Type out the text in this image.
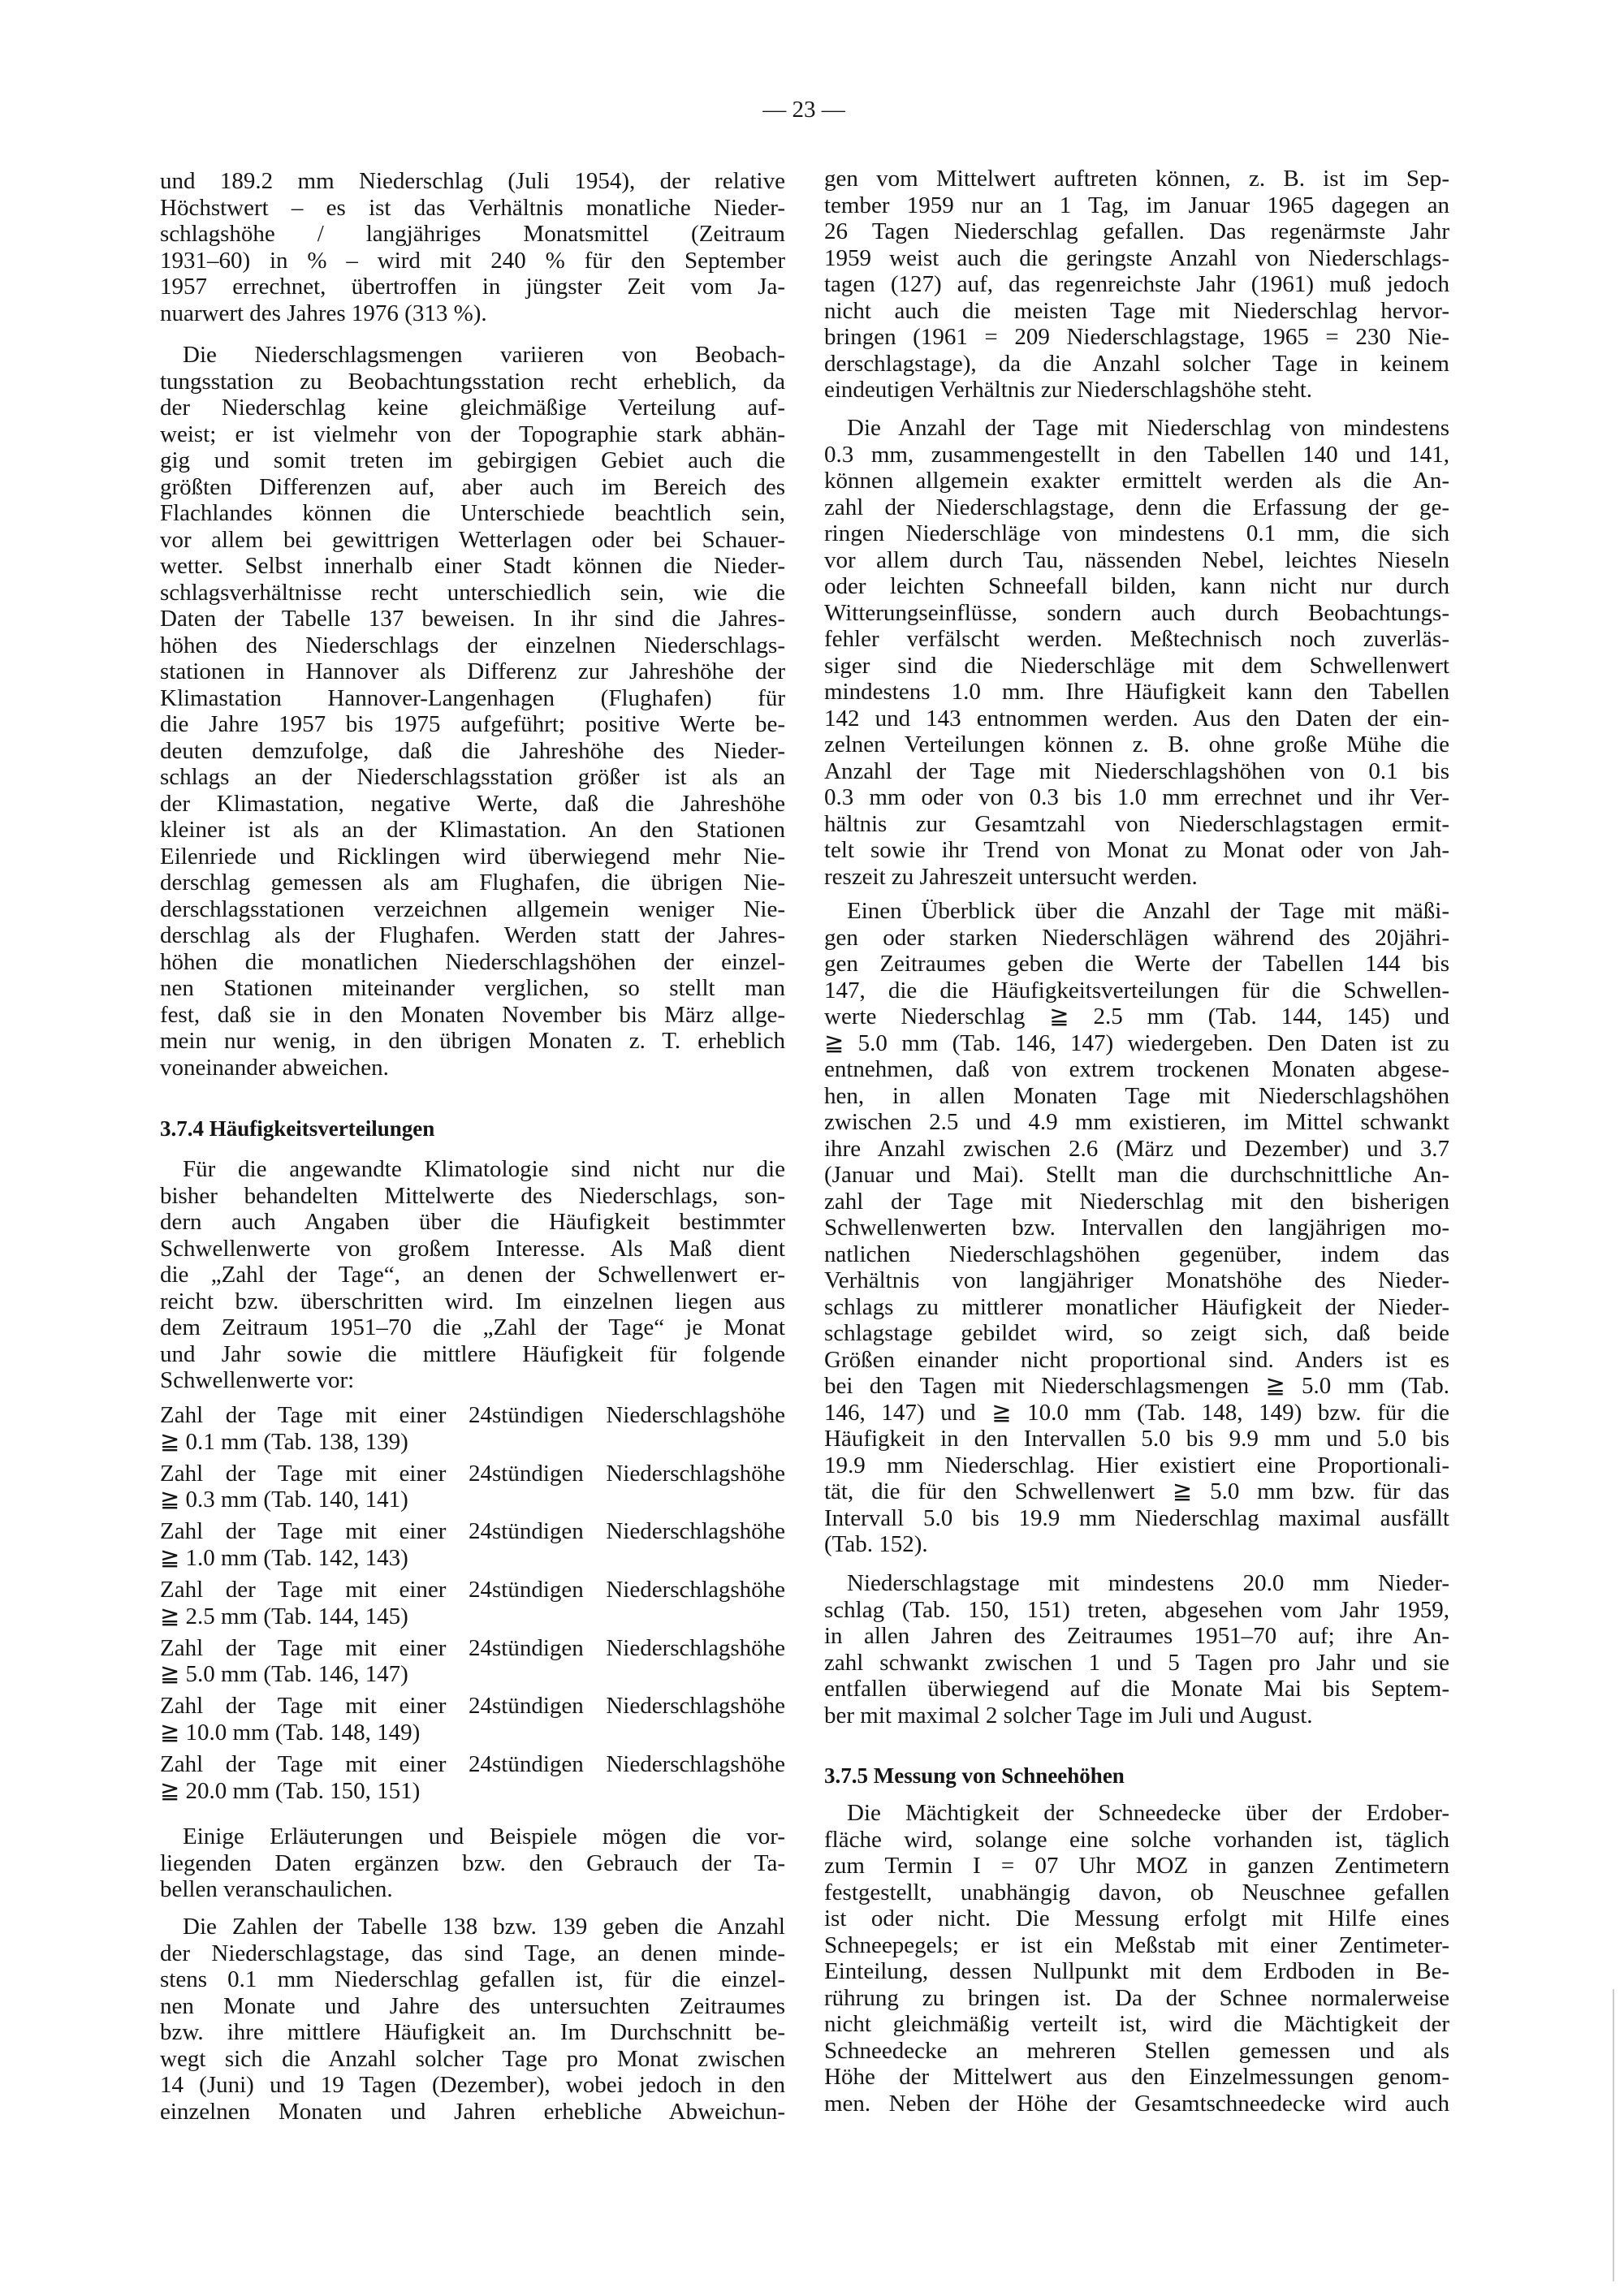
— 23 —
und 189.2 mm Niederschlag (Juli 1954), der relative
Höchstwert – es ist das Verhältnis monatliche Nieder-
schlagshöhe / langjähriges Monatsmittel (Zeitraum
1931–60) in % – wird mit 240 % für den September
1957 errechnet, übertroffen in jüngster Zeit vom Ja-
nuarwert des Jahres 1976 (313 %).
Die Niederschlagsmengen variieren von Beobach-
tungsstation zu Beobachtungsstation recht erheblich, da
der Niederschlag keine gleichmäßige Verteilung auf-
weist; er ist vielmehr von der Topographie stark abhän-
gig und somit treten im gebirgigen Gebiet auch die
größten Differenzen auf, aber auch im Bereich des
Flachlandes können die Unterschiede beachtlich sein,
vor allem bei gewittrigen Wetterlagen oder bei Schauer-
wetter. Selbst innerhalb einer Stadt können die Nieder-
schlagsverhältnisse recht unterschiedlich sein, wie die
Daten der Tabelle 137 beweisen. In ihr sind die Jahres-
höhen des Niederschlags der einzelnen Niederschlags-
stationen in Hannover als Differenz zur Jahreshöhe der
Klimastation Hannover-Langenhagen (Flughafen) für
die Jahre 1957 bis 1975 aufgeführt; positive Werte be-
deuten demzufolge, daß die Jahreshöhe des Nieder-
schlags an der Niederschlagsstation größer ist als an
der Klimastation, negative Werte, daß die Jahreshöhe
kleiner ist als an der Klimastation. An den Stationen
Eilenriede und Ricklingen wird überwiegend mehr Nie-
derschlag gemessen als am Flughafen, die übrigen Nie-
derschlagsstationen verzeichnen allgemein weniger Nie-
derschlag als der Flughafen. Werden statt der Jahres-
höhen die monatlichen Niederschlagshöhen der einzel-
nen Stationen miteinander verglichen, so stellt man
fest, daß sie in den Monaten November bis März allge-
mein nur wenig, in den übrigen Monaten z. T. erheblich
voneinander abweichen.
3.7.4 Häufigkeitsverteilungen
Für die angewandte Klimatologie sind nicht nur die
bisher behandelten Mittelwerte des Niederschlags, son-
dern auch Angaben über die Häufigkeit bestimmter
Schwellenwerte von großem Interesse. Als Maß dient
die „Zahl der Tage“, an denen der Schwellenwert er-
reicht bzw. überschritten wird. Im einzelnen liegen aus
dem Zeitraum 1951–70 die „Zahl der Tage“ je Monat
und Jahr sowie die mittlere Häufigkeit für folgende
Schwellenwerte vor:
Zahl der Tage mit einer 24stündigen Niederschlagshöhe
≧ 0.1 mm (Tab. 138, 139)
Zahl der Tage mit einer 24stündigen Niederschlagshöhe
≧ 0.3 mm (Tab. 140, 141)
Zahl der Tage mit einer 24stündigen Niederschlagshöhe
≧ 1.0 mm (Tab. 142, 143)
Zahl der Tage mit einer 24stündigen Niederschlagshöhe
≧ 2.5 mm (Tab. 144, 145)
Zahl der Tage mit einer 24stündigen Niederschlagshöhe
≧ 5.0 mm (Tab. 146, 147)
Zahl der Tage mit einer 24stündigen Niederschlagshöhe
≧ 10.0 mm (Tab. 148, 149)
Zahl der Tage mit einer 24stündigen Niederschlagshöhe
≧ 20.0 mm (Tab. 150, 151)
Einige Erläuterungen und Beispiele mögen die vor-
liegenden Daten ergänzen bzw. den Gebrauch der Ta-
bellen veranschaulichen.
Die Zahlen der Tabelle 138 bzw. 139 geben die Anzahl
der Niederschlagstage, das sind Tage, an denen minde-
stens 0.1 mm Niederschlag gefallen ist, für die einzel-
nen Monate und Jahre des untersuchten Zeitraumes
bzw. ihre mittlere Häufigkeit an. Im Durchschnitt be-
wegt sich die Anzahl solcher Tage pro Monat zwischen
14 (Juni) und 19 Tagen (Dezember), wobei jedoch in den
einzelnen Monaten und Jahren erhebliche Abweichun-
gen vom Mittelwert auftreten können, z. B. ist im Sep-
tember 1959 nur an 1 Tag, im Januar 1965 dagegen an
26 Tagen Niederschlag gefallen. Das regenärmste Jahr
1959 weist auch die geringste Anzahl von Niederschlags-
tagen (127) auf, das regenreichste Jahr (1961) muß jedoch
nicht auch die meisten Tage mit Niederschlag hervor-
bringen (1961 = 209 Niederschlagstage, 1965 = 230 Nie-
derschlagstage), da die Anzahl solcher Tage in keinem
eindeutigen Verhältnis zur Niederschlagshöhe steht.
Die Anzahl der Tage mit Niederschlag von mindestens
0.3 mm, zusammengestellt in den Tabellen 140 und 141,
können allgemein exakter ermittelt werden als die An-
zahl der Niederschlagstage, denn die Erfassung der ge-
ringen Niederschläge von mindestens 0.1 mm, die sich
vor allem durch Tau, nässenden Nebel, leichtes Nieseln
oder leichten Schneefall bilden, kann nicht nur durch
Witterungseinflüsse, sondern auch durch Beobachtungs-
fehler verfälscht werden. Meßtechnisch noch zuverläs-
siger sind die Niederschläge mit dem Schwellenwert
mindestens 1.0 mm. Ihre Häufigkeit kann den Tabellen
142 und 143 entnommen werden. Aus den Daten der ein-
zelnen Verteilungen können z. B. ohne große Mühe die
Anzahl der Tage mit Niederschlagshöhen von 0.1 bis
0.3 mm oder von 0.3 bis 1.0 mm errechnet und ihr Ver-
hältnis zur Gesamtzahl von Niederschlagstagen ermit-
telt sowie ihr Trend von Monat zu Monat oder von Jah-
reszeit zu Jahreszeit untersucht werden.
Einen Überblick über die Anzahl der Tage mit mäßi-
gen oder starken Niederschlägen während des 20jähri-
gen Zeitraumes geben die Werte der Tabellen 144 bis
147, die die Häufigkeitsverteilungen für die Schwellen-
werte Niederschlag ≧ 2.5 mm (Tab. 144, 145) und
≧ 5.0 mm (Tab. 146, 147) wiedergeben. Den Daten ist zu
entnehmen, daß von extrem trockenen Monaten abgese-
hen, in allen Monaten Tage mit Niederschlagshöhen
zwischen 2.5 und 4.9 mm existieren, im Mittel schwankt
ihre Anzahl zwischen 2.6 (März und Dezember) und 3.7
(Januar und Mai). Stellt man die durchschnittliche An-
zahl der Tage mit Niederschlag mit den bisherigen
Schwellenwerten bzw. Intervallen den langjährigen mo-
natlichen Niederschlagshöhen gegenüber, indem das
Verhältnis von langjähriger Monatshöhe des Nieder-
schlags zu mittlerer monatlicher Häufigkeit der Nieder-
schlagstage gebildet wird, so zeigt sich, daß beide
Größen einander nicht proportional sind. Anders ist es
bei den Tagen mit Niederschlagsmengen ≧ 5.0 mm (Tab.
146, 147) und ≧ 10.0 mm (Tab. 148, 149) bzw. für die
Häufigkeit in den Intervallen 5.0 bis 9.9 mm und 5.0 bis
19.9 mm Niederschlag. Hier existiert eine Proportionali-
tät, die für den Schwellenwert ≧ 5.0 mm bzw. für das
Intervall 5.0 bis 19.9 mm Niederschlag maximal ausfällt
(Tab. 152).
Niederschlagstage mit mindestens 20.0 mm Nieder-
schlag (Tab. 150, 151) treten, abgesehen vom Jahr 1959,
in allen Jahren des Zeitraumes 1951–70 auf; ihre An-
zahl schwankt zwischen 1 und 5 Tagen pro Jahr und sie
entfallen überwiegend auf die Monate Mai bis Septem-
ber mit maximal 2 solcher Tage im Juli und August.
3.7.5 Messung von Schneehöhen
Die Mächtigkeit der Schneedecke über der Erdober-
fläche wird, solange eine solche vorhanden ist, täglich
zum Termin I = 07 Uhr MOZ in ganzen Zentimetern
festgestellt, unabhängig davon, ob Neuschnee gefallen
ist oder nicht. Die Messung erfolgt mit Hilfe eines
Schneepegels; er ist ein Meßstab mit einer Zentimeter-
Einteilung, dessen Nullpunkt mit dem Erdboden in Be-
rührung zu bringen ist. Da der Schnee normalerweise
nicht gleichmäßig verteilt ist, wird die Mächtigkeit der
Schneedecke an mehreren Stellen gemessen und als
Höhe der Mittelwert aus den Einzelmessungen genom-
men. Neben der Höhe der Gesamtschneedecke wird auch
